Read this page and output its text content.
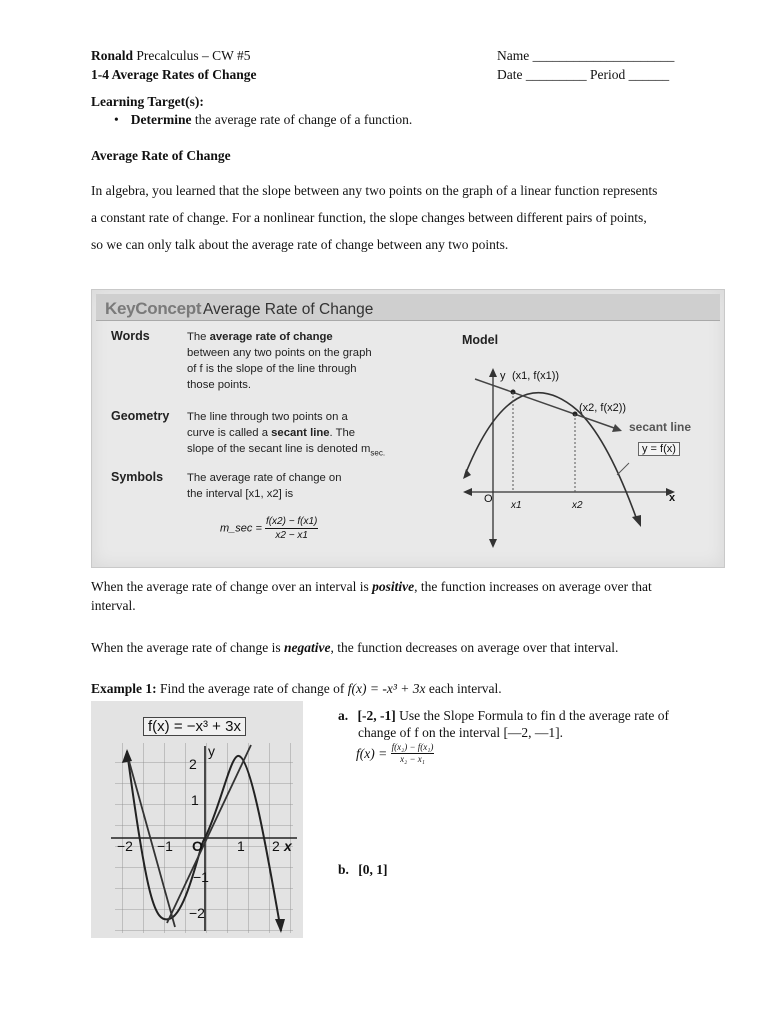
Ronald Precalculus – CW #5
1-4 Average Rates of Change
Name _____________________
Date _________ Period ______
Learning Target(s):
• Determine the average rate of change of a function.
Average Rate of Change
In algebra, you learned that the slope between any two points on the graph of a linear function represents
a constant rate of change. For a nonlinear function, the slope changes between different pairs of points,
so we can only talk about the average rate of change between any two points.
KeyConcept Average Rate of Change
Words	The average rate of change
between any two points on the graph
of f is the slope of the line through
those points.
Geometry The line through two points on a
curve is called a secant line. The
slope of the secant line is denoted $m_{sec.}$
Symbols The average rate of change on
the interval [x1, x2] is
m_sec = $\frac{f(x2) - f(x1)}{x2 - x1}$
Model
y (x1, f(x1))
(x2, f(x2))
secant line
y = f(x)
O	x
x1	x2
When the average rate of change over an interval is positive, the function increases on average over that
interval.
When the average rate of change is negative, the function decreases on average over that interval.
Example 1: Find the average rate of change of f(x) = -x³ + 3x each interval.
f(x) = −x³ + 3x
y
2
1
−1
−2
−2 −1 O 1 2 x
a. [-2, -1] Use the Slope Formula to fin d the average rate of
change of f on the interval [—2, —1].
$f(x) = \frac{\text{f(x₂) − f(x₁)}}{\text{x₂ − x₁}}$
b. [0, 1]
